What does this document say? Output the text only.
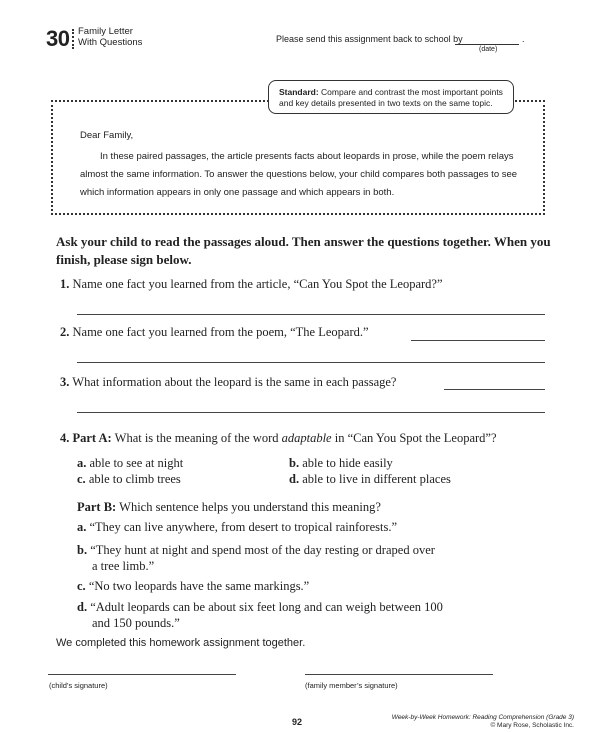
30 Family Letter
With Questions	Please send this assignment back to school by	.
(date)
Standard: Compare and contrast the most important points and key details presented in two texts on the same topic.
Dear Family,
In these paired passages, the article presents facts about leopards in prose, while the poem relays almost the same information. To answer the questions below, your child compares both passages to see which information appears in only one passage and which appears in both.
Ask your child to read the passages aloud. Then answer the questions together. When you finish, please sign below.
1. Name one fact you learned from the article, “Can You Spot the Leopard?”
2. Name one fact you learned from the poem, “The Leopard.”
3. What information about the leopard is the same in each passage?
4. Part A: What is the meaning of the word adaptable in “Can You Spot the Leopard”?
a. able to see at night	b. able to hide easily
c. able to climb trees	d. able to live in different places
Part B: Which sentence helps you understand this meaning?
a. “They can live anywhere, from desert to tropical rainforests.”
b. “They hunt at night and spend most of the day resting or draped over
a tree limb.”
c. “No two leopards have the same markings.”
d. “Adult leopards can be about six feet long and can weigh between 100
and 150 pounds.”
We completed this homework assignment together.
(child’s signature)	(family member’s signature)
92	Week-by-Week Homework: Reading Comprehension (Grade 3)
© Mary Rose, Scholastic Inc.
